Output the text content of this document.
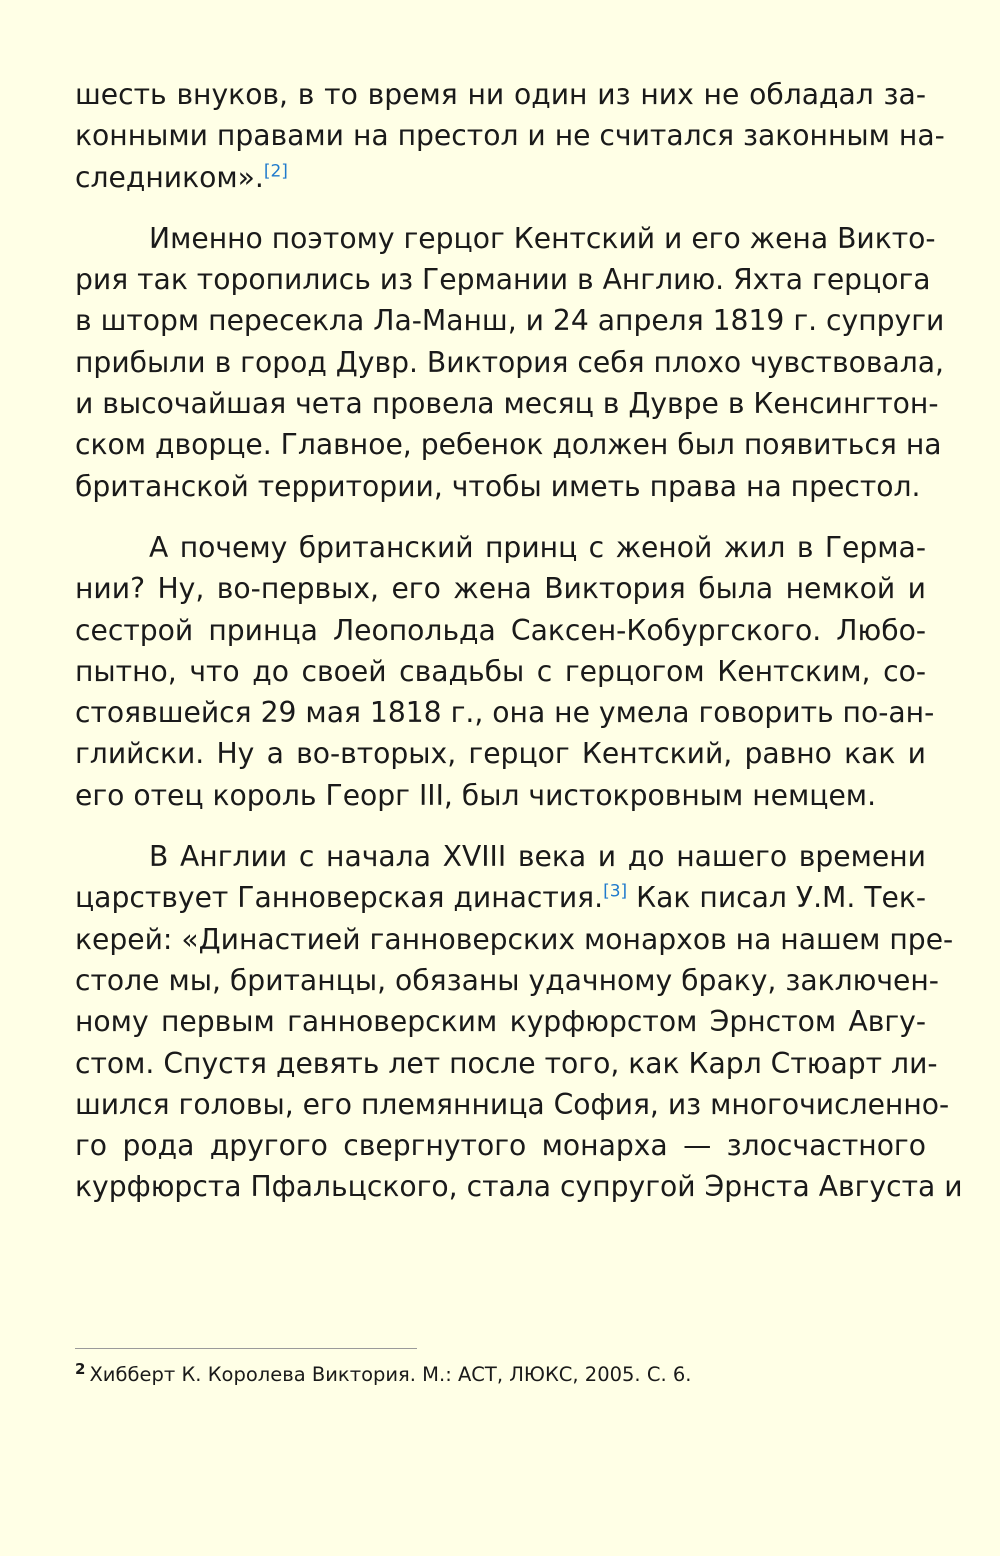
шесть внуков, в то время ни один из них не обладал за-
конными правами на престол и не считался законным на-
следником».[2]
Именно поэтому герцог Кентский и его жена Викто-
рия так торопились из Германии в Англию. Яхта герцога
в шторм пересекла Ла-Манш, и 24 апреля 1819 г. супруги
прибыли в город Дувр. Виктория себя плохо чувствовала,
и высочайшая чета провела месяц в Дувре в Кенсингтон-
ском дворце. Главное, ребенок должен был появиться на
британской территории, чтобы иметь права на престол.
А почему британский принц с женой жил в Герма-
нии? Ну, во-первых, его жена Виктория была немкой и
сестрой принца Леопольда Саксен-Кобургского. Любо-
пытно, что до своей свадьбы с герцогом Кентским, со-
стоявшейся 29 мая 1818 г., она не умела говорить по-ан-
глийски. Ну а во-вторых, герцог Кентский, равно как и
его отец король Георг III, был чистокровным немцем.
В Англии с начала XVIII века и до нашего времени
царствует Ганноверская династия.[3] Как писал У.М. Тек-
керей: «Династией ганноверских монархов на нашем пре-
столе мы, британцы, обязаны удачному браку, заключен-
ному первым ганноверским курфюрстом Эрнстом Авгу-
стом. Спустя девять лет после того, как Карл Стюарт ли-
шился головы, его племянница София, из многочисленно-
го рода другого свергнутого монарха — злосчастного
курфюрста Пфальцского, стала супругой Эрнста Августа и
$^2$ Хибберт К. Королева Виктория. М.: АСТ, ЛЮКС, 2005. С. 6.
